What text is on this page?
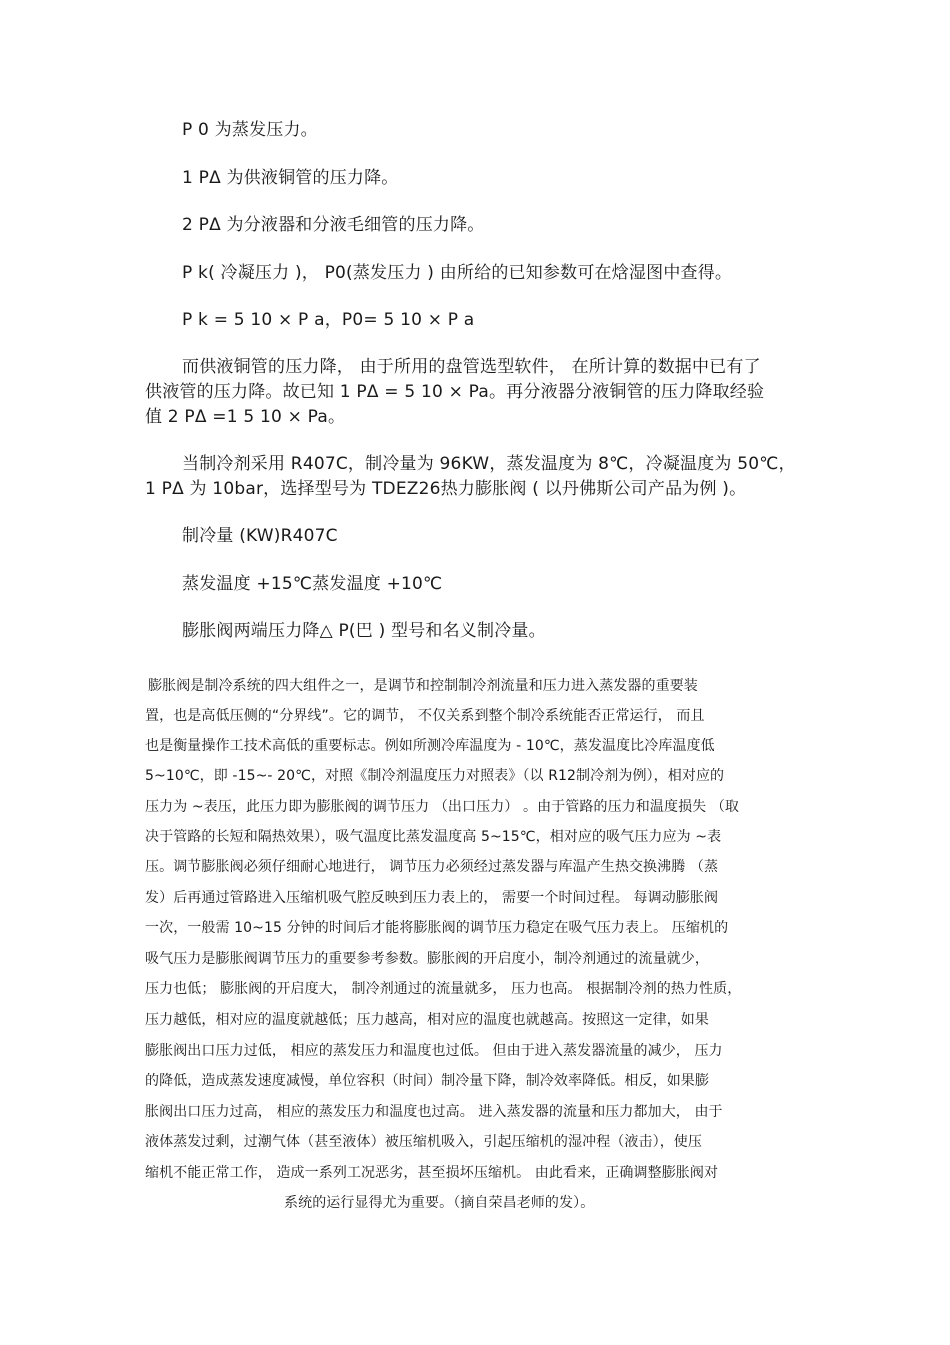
P 0 为蒸发压力。
1 PΔ 为供液铜管的压力降。
2 PΔ 为分液器和分液毛细管的压力降。
P k( 冷凝压力 )， P0(蒸发压力 ) 由所给的已知参数可在焓湿图中查得。
P k = 5 10 × P a，P0= 5 10 × P a
而供液铜管的压力降， 由于所用的盘管选型软件， 在所计算的数据中已有了
供液管的压力降。故已知 1 PΔ = 5 10 × Pa。再分液器分液铜管的压力降取经验
值 2 PΔ =1 5 10 × Pa。
当制冷剂采用 R407C，制冷量为 96KW，蒸发温度为 8℃，冷凝温度为 50℃，
1 PΔ 为 10bar，选择型号为 TDEZ26热力膨胀阀 ( 以丹佛斯公司产品为例 )。
制冷量 (KW)R407C
蒸发温度 +15℃蒸发温度 +10℃
膨胀阀两端压力降△ P(巴 ) 型号和名义制冷量。
膨胀阀是制冷系统的四大组件之一，是调节和控制制冷剂流量和压力进入蒸发器的重要装
置，也是高低压侧的“分界线”。它的调节， 不仅关系到整个制冷系统能否正常运行， 而且
也是衡量操作工技术高低的重要标志。例如所测冷库温度为 - 10℃，蒸发温度比冷库温度低
5~10℃，即 -15~- 20℃，对照《制冷剂温度压力对照表》（以 R12制冷剂为例），相对应的
压力为 ~表压，此压力即为膨胀阀的调节压力 （出口压力） 。由于管路的压力和温度损失 （取
决于管路的长短和隔热效果），吸气温度比蒸发温度高 5~15℃，相对应的吸气压力应为 ~表
压。调节膨胀阀必须仔细耐心地进行， 调节压力必须经过蒸发器与库温产生热交换沸腾 （蒸
发）后再通过管路进入压缩机吸气腔反映到压力表上的， 需要一个时间过程。 每调动膨胀阀
一次，一般需 10~15 分钟的时间后才能将膨胀阀的调节压力稳定在吸气压力表上。 压缩机的
吸气压力是膨胀阀调节压力的重要参考参数。膨胀阀的开启度小，制冷剂通过的流量就少，
压力也低； 膨胀阀的开启度大， 制冷剂通过的流量就多， 压力也高。 根据制冷剂的热力性质，
压力越低，相对应的温度就越低；压力越高，相对应的温度也就越高。按照这一定律，如果
膨胀阀出口压力过低， 相应的蒸发压力和温度也过低。 但由于进入蒸发器流量的减少， 压力
的降低，造成蒸发速度减慢，单位容积（时间）制冷量下降，制冷效率降低。相反，如果膨
胀阀出口压力过高， 相应的蒸发压力和温度也过高。 进入蒸发器的流量和压力都加大， 由于
液体蒸发过剩，过潮气体（甚至液体）被压缩机吸入，引起压缩机的湿冲程（液击），使压
缩机不能正常工作， 造成一系列工况恶劣，甚至损坏压缩机。 由此看来，正确调整膨胀阀对
系统的运行显得尤为重要。（摘自荣昌老师的发）。
